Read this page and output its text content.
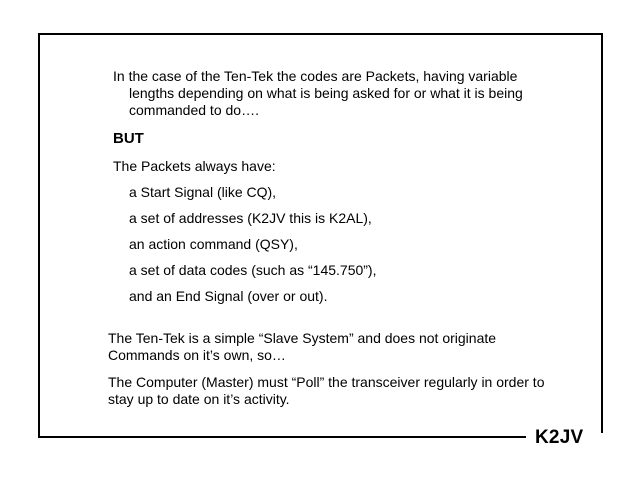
In the case of the Ten-Tek the codes are Packets, having variable lengths depending on what is being asked for or what it is being commanded to do….

BUT

The Packets always have:

a Start Signal (like CQ),

a set of addresses (K2JV this is K2AL),

an action command (QSY),

a set of data codes (such as “145.750”),

and an End Signal (over or out).

The Ten-Tek is a simple “Slave System” and does not originate Commands on it’s own, so…

The Computer (Master) must “Poll” the transceiver regularly in order to stay up to date on it’s activity.

K2JV
